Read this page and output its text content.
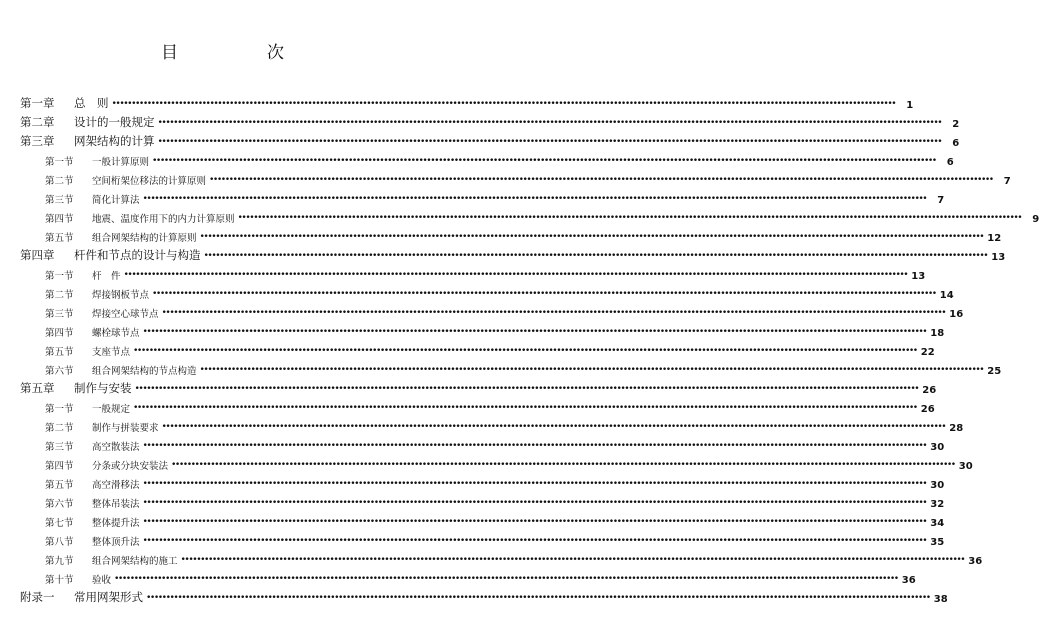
目　次
第一章	总　则 ••••••••••••••••••••••••••••••••••••••••••••••••••••••••••••••••••••••••••••••••••••••••••••••••••••••••••••••••••••••••••••••••••••••••••••••••••••••••••••••••••••••••••••••••••••••••••••••••••••••••	1
第二章	设计的一般规定 ••••••••••••••••••••••••••••••••••••••••••••••••••••••••••••••••••••••••••••••••••••••••••••••••••••••••••••••••••••••••••••••••••••••••••••••••••••••••••••••••••••••••••••••••••••••••••••••••••••••••	2
第三章	网架结构的计算 ••••••••••••••••••••••••••••••••••••••••••••••••••••••••••••••••••••••••••••••••••••••••••••••••••••••••••••••••••••••••••••••••••••••••••••••••••••••••••••••••••••••••••••••••••••••••••••••••••••••••	6
第一节	一般计算原则 ••••••••••••••••••••••••••••••••••••••••••••••••••••••••••••••••••••••••••••••••••••••••••••••••••••••••••••••••••••••••••••••••••••••••••••••••••••••••••••••••••••••••••••••••••••••••••••••••••••••••	6
第二节	空间桁架位移法的计算原则 ••••••••••••••••••••••••••••••••••••••••••••••••••••••••••••••••••••••••••••••••••••••••••••••••••••••••••••••••••••••••••••••••••••••••••••••••••••••••••••••••••••••••••••••••••••••••••••••••••••••••	7
第三节	简化计算法 ••••••••••••••••••••••••••••••••••••••••••••••••••••••••••••••••••••••••••••••••••••••••••••••••••••••••••••••••••••••••••••••••••••••••••••••••••••••••••••••••••••••••••••••••••••••••••••••••••••••••	7
第四节	地震、温度作用下的内力计算原则 ••••••••••••••••••••••••••••••••••••••••••••••••••••••••••••••••••••••••••••••••••••••••••••••••••••••••••••••••••••••••••••••••••••••••••••••••••••••••••••••••••••••••••••••••••••••••••••••••••••••••	9
第五节	组合网架结构的计算原则 •••••••••••••••••••••••••••••••••••••••••••••••••••••••••••••••••••••••••••••••••••••••••••••••••••••••••••••••••••••••••••••••••••••••••••••••••••••••••••••••••••••••••••••••••••••••••••••••••••••••• 12
第四章	杆件和节点的设计与构造 •••••••••••••••••••••••••••••••••••••••••••••••••••••••••••••••••••••••••••••••••••••••••••••••••••••••••••••••••••••••••••••••••••••••••••••••••••••••••••••••••••••••••••••••••••••••••••••••••••••••• 13
第一节	杆　件 •••••••••••••••••••••••••••••••••••••••••••••••••••••••••••••••••••••••••••••••••••••••••••••••••••••••••••••••••••••••••••••••••••••••••••••••••••••••••••••••••••••••••••••••••••••••••••••••••••••••• 13
第二节	焊接钢板节点 •••••••••••••••••••••••••••••••••••••••••••••••••••••••••••••••••••••••••••••••••••••••••••••••••••••••••••••••••••••••••••••••••••••••••••••••••••••••••••••••••••••••••••••••••••••••••••••••••••••••• 14
第三节	焊接空心球节点 •••••••••••••••••••••••••••••••••••••••••••••••••••••••••••••••••••••••••••••••••••••••••••••••••••••••••••••••••••••••••••••••••••••••••••••••••••••••••••••••••••••••••••••••••••••••••••••••••••••••• 16
第四节	螺栓球节点 •••••••••••••••••••••••••••••••••••••••••••••••••••••••••••••••••••••••••••••••••••••••••••••••••••••••••••••••••••••••••••••••••••••••••••••••••••••••••••••••••••••••••••••••••••••••••••••••••••••••• 18
第五节	支座节点 •••••••••••••••••••••••••••••••••••••••••••••••••••••••••••••••••••••••••••••••••••••••••••••••••••••••••••••••••••••••••••••••••••••••••••••••••••••••••••••••••••••••••••••••••••••••••••••••••••••••• 22
第六节	组合网架结构的节点构造 •••••••••••••••••••••••••••••••••••••••••••••••••••••••••••••••••••••••••••••••••••••••••••••••••••••••••••••••••••••••••••••••••••••••••••••••••••••••••••••••••••••••••••••••••••••••••••••••••••••••• 25
第五章	制作与安装 •••••••••••••••••••••••••••••••••••••••••••••••••••••••••••••••••••••••••••••••••••••••••••••••••••••••••••••••••••••••••••••••••••••••••••••••••••••••••••••••••••••••••••••••••••••••••••••••••••••••• 26
第一节	一般规定 •••••••••••••••••••••••••••••••••••••••••••••••••••••••••••••••••••••••••••••••••••••••••••••••••••••••••••••••••••••••••••••••••••••••••••••••••••••••••••••••••••••••••••••••••••••••••••••••••••••••• 26
第二节	制作与拼装要求 •••••••••••••••••••••••••••••••••••••••••••••••••••••••••••••••••••••••••••••••••••••••••••••••••••••••••••••••••••••••••••••••••••••••••••••••••••••••••••••••••••••••••••••••••••••••••••••••••••••••• 28
第三节	高空散装法 •••••••••••••••••••••••••••••••••••••••••••••••••••••••••••••••••••••••••••••••••••••••••••••••••••••••••••••••••••••••••••••••••••••••••••••••••••••••••••••••••••••••••••••••••••••••••••••••••••••••• 30
第四节	分条或分块安装法 •••••••••••••••••••••••••••••••••••••••••••••••••••••••••••••••••••••••••••••••••••••••••••••••••••••••••••••••••••••••••••••••••••••••••••••••••••••••••••••••••••••••••••••••••••••••••••••••••••••••• 30
第五节	高空滑移法 •••••••••••••••••••••••••••••••••••••••••••••••••••••••••••••••••••••••••••••••••••••••••••••••••••••••••••••••••••••••••••••••••••••••••••••••••••••••••••••••••••••••••••••••••••••••••••••••••••••••• 30
第六节	整体吊装法 •••••••••••••••••••••••••••••••••••••••••••••••••••••••••••••••••••••••••••••••••••••••••••••••••••••••••••••••••••••••••••••••••••••••••••••••••••••••••••••••••••••••••••••••••••••••••••••••••••••••• 32
第七节	整体提升法 •••••••••••••••••••••••••••••••••••••••••••••••••••••••••••••••••••••••••••••••••••••••••••••••••••••••••••••••••••••••••••••••••••••••••••••••••••••••••••••••••••••••••••••••••••••••••••••••••••••••• 34
第八节	整体顶升法 •••••••••••••••••••••••••••••••••••••••••••••••••••••••••••••••••••••••••••••••••••••••••••••••••••••••••••••••••••••••••••••••••••••••••••••••••••••••••••••••••••••••••••••••••••••••••••••••••••••••• 35
第九节	组合网架结构的施工 •••••••••••••••••••••••••••••••••••••••••••••••••••••••••••••••••••••••••••••••••••••••••••••••••••••••••••••••••••••••••••••••••••••••••••••••••••••••••••••••••••••••••••••••••••••••••••••••••••••••• 36
第十节	验收 •••••••••••••••••••••••••••••••••••••••••••••••••••••••••••••••••••••••••••••••••••••••••••••••••••••••••••••••••••••••••••••••••••••••••••••••••••••••••••••••••••••••••••••••••••••••••••••••••••••••• 36
附录一	常用网架形式 •••••••••••••••••••••••••••••••••••••••••••••••••••••••••••••••••••••••••••••••••••••••••••••••••••••••••••••••••••••••••••••••••••••••••••••••••••••••••••••••••••••••••••••••••••••••••••••••••••••••• 38
